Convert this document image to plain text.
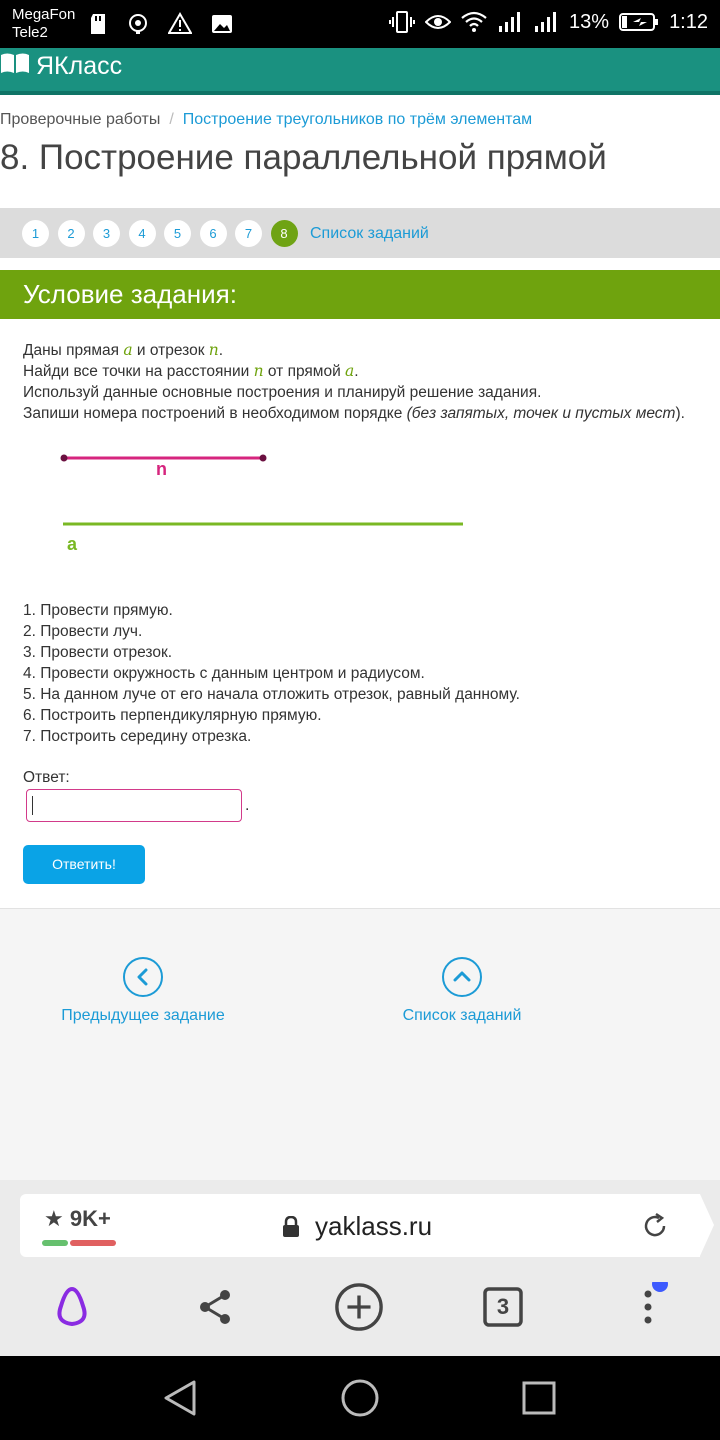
MegaFon
Tele2	13%	1:12
ЯКласс
Проверочные работы / Построение треугольников по трём элементам
8. Построение параллельной прямой
1	2	3	4	5	6	7	8	Список заданий
Условие задания:
Даны прямая a и отрезок n.
Найди все точки на расстоянии n от прямой a.
Используй данные основные построения и планируй решение задания.
Запиши номера построений в необходимом порядке (без запятых, точек и пустых мест).
n
a
1. Провести прямую.
2. Провести луч.
3. Провести отрезок.
4. Провести окружность с данным центром и радиусом.
5. На данном луче от его начала отложить отрезок, равный данному.
6. Построить перпендикулярную прямую.
7. Построить середину отрезка.
Ответ:
.
Ответить!
Предыдущее задание	Список заданий
★ 9K+	yaklass.ru
3
